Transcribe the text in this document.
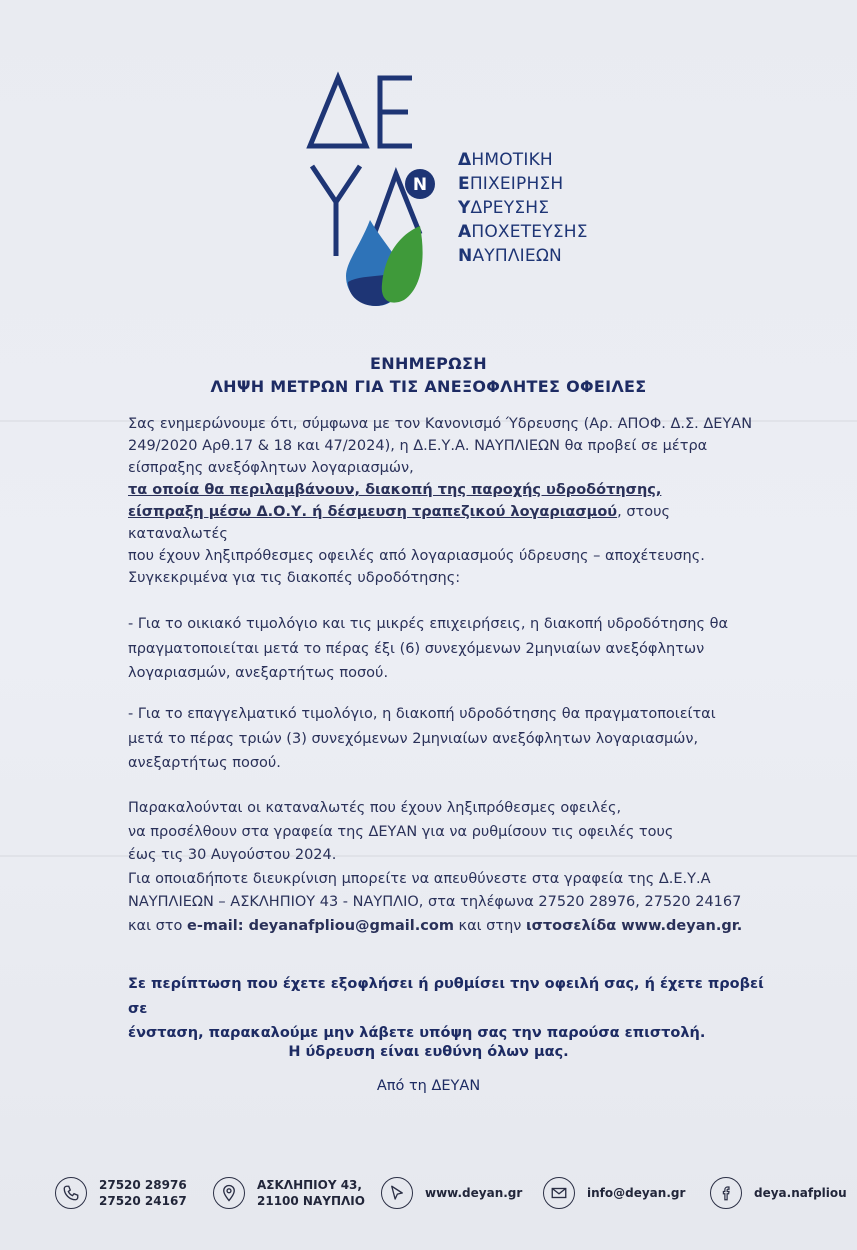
N
ΔΗΜΟΤΙΚΗ
ΕΠΙΧΕΙΡΗΣΗ
ΥΔΡΕΥΣΗΣ
ΑΠΟΧΕΤΕΥΣΗΣ
ΝΑΥΠΛΙΕΩΝ
ΕΝΗΜΕΡΩΣΗ
ΛΗΨΗ ΜΕΤΡΩΝ ΓΙΑ ΤΙΣ ΑΝΕΞΟΦΛΗΤΕΣ ΟΦΕΙΛΕΣ

Σας ενημερώνουμε ότι, σύμφωνα με τον Κανονισμό Ύδρευσης (Αρ. ΑΠΟΦ. Δ.Σ. ΔΕΥΑΝ

249/2020 Αρθ.17 & 18 και 47/2024), η Δ.Ε.Υ.Α. ΝΑΥΠΛΙΕΩΝ θα προβεί σε μέτρα

είσπραξης ανεξόφλητων λογαριασμών,

τα οποία θα περιλαμβάνουν, διακοπή της παροχής υδροδότησης,

είσπραξη μέσω Δ.Ο.Υ. ή δέσμευση τραπεζικού λογαριασμού, στους καταναλωτές

που έχουν ληξιπρόθεσμες οφειλές από λογαριασμούς ύδρευσης – αποχέτευσης.

Συγκεκριμένα για τις διακοπές υδροδότησης:

- Για το οικιακό τιμολόγιο και τις μικρές επιχειρήσεις, η διακοπή υδροδότησης θα

πραγματοποιείται μετά το πέρας έξι (6) συνεχόμενων 2μηνιαίων ανεξόφλητων

λογαριασμών, ανεξαρτήτως ποσού.

- Για το επαγγελματικό τιμολόγιο, η διακοπή υδροδότησης θα πραγματοποιείται

μετά το πέρας τριών (3) συνεχόμενων 2μηνιαίων ανεξόφλητων λογαριασμών,

ανεξαρτήτως ποσού.

Παρακαλούνται οι καταναλωτές που έχουν ληξιπρόθεσμες οφειλές,

να προσέλθουν στα γραφεία της ΔΕΥΑΝ για να ρυθμίσουν τις οφειλές τους

έως τις 30 Αυγούστου 2024.

Για οποιαδήποτε διευκρίνιση μπορείτε να απευθύνεστε στα γραφεία της Δ.Ε.Υ.Α

ΝΑΥΠΛΙΕΩΝ – ΑΣΚΛΗΠΙΟΥ 43 - ΝΑΥΠΛΙΟ, στα τηλέφωνα 27520 28976, 27520 24167

και στο e-mail: deyanafpliou@gmail.com και στην ιστοσελίδα www.deyan.gr.

Σε περίπτωση που έχετε εξοφλήσει ή ρυθμίσει την οφειλή σας, ή έχετε προβεί σε

ένσταση, παρακαλούμε μην λάβετε υπόψη σας την παρούσα επιστολή.

Η ύδρευση είναι ευθύνη όλων μας.
Από τη ΔΕΥΑΝ
27520 28976
27520 24167
ΑΣΚΛΗΠΙΟΥ 43,
21100 ΝΑΥΠΛΙΟ
www.deyan.gr	info@deyan.gr	deya.nafpliou
